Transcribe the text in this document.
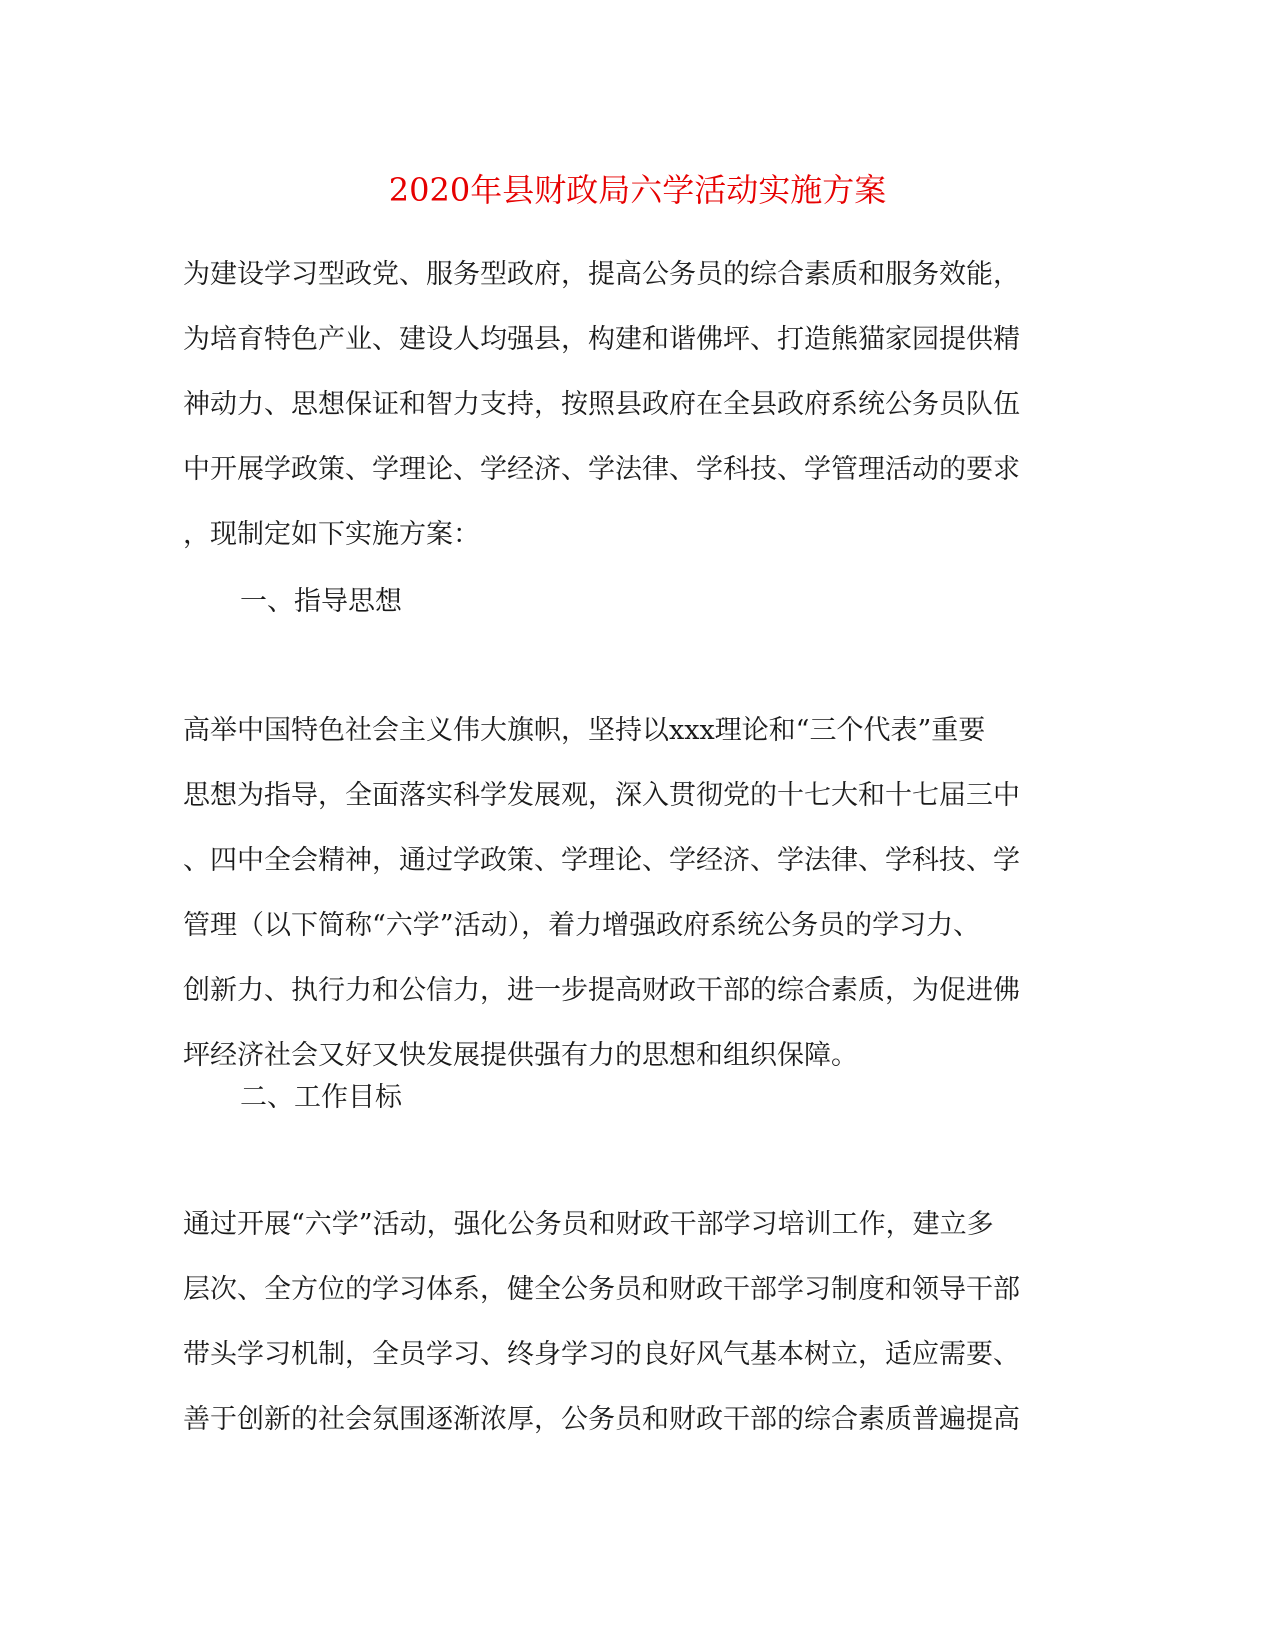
2020年县财政局六学活动实施方案
为建设学习型政党、服务型政府，提高公务员的综合素质和服务效能，
为培育特色产业、建设人均强县，构建和谐佛坪、打造熊猫家园提供精
神动力、思想保证和智力支持，按照县政府在全县政府系统公务员队伍
中开展学政策、学理论、学经济、学法律、学科技、学管理活动的要求
，现制定如下实施方案：
一、指导思想
高举中国特色社会主义伟大旗帜，坚持以xxx理论和“三个代表”重要
思想为指导，全面落实科学发展观，深入贯彻党的十七大和十七届三中
、四中全会精神，通过学政策、学理论、学经济、学法律、学科技、学
管理（以下简称“六学”活动），着力增强政府系统公务员的学习力、
创新力、执行力和公信力，进一步提高财政干部的综合素质，为促进佛
坪经济社会又好又快发展提供强有力的思想和组织保障。
二、工作目标
通过开展“六学”活动，强化公务员和财政干部学习培训工作，建立多
层次、全方位的学习体系，健全公务员和财政干部学习制度和领导干部
带头学习机制，全员学习、终身学习的良好风气基本树立，适应需要、
善于创新的社会氛围逐渐浓厚，公务员和财政干部的综合素质普遍提高
